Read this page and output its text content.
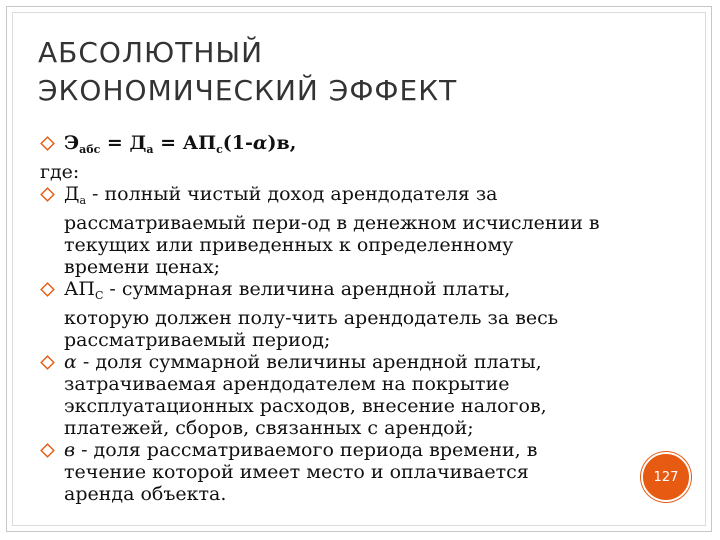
АБСОЛЮТНЫЙ
ЭКОНОМИЧЕСКИЙ ЭФФЕКТ

$Э_{абс} = Д_а = АП_с(1-\alpha)в$,

где:

$Д_а$ - полный чистый доход арендодателя за
рассматриваемый пери-од в денежном исчислении в
текущих или приведенных к определенному
времени ценах;

$АП_С$ - суммарная величина арендной платы,
которую должен полу-чить арендодатель за весь
рассматриваемый период;

α - доля суммарной величины арендной платы,
затрачиваемая арендодателем на покрытие
эксплуатационных расходов, внесение налогов,
платежей, сборов, связанных с арендой;

в - доля рассматриваемого периода времени, в
течение которой имеет место и оплачивается
аренда объекта.

127
